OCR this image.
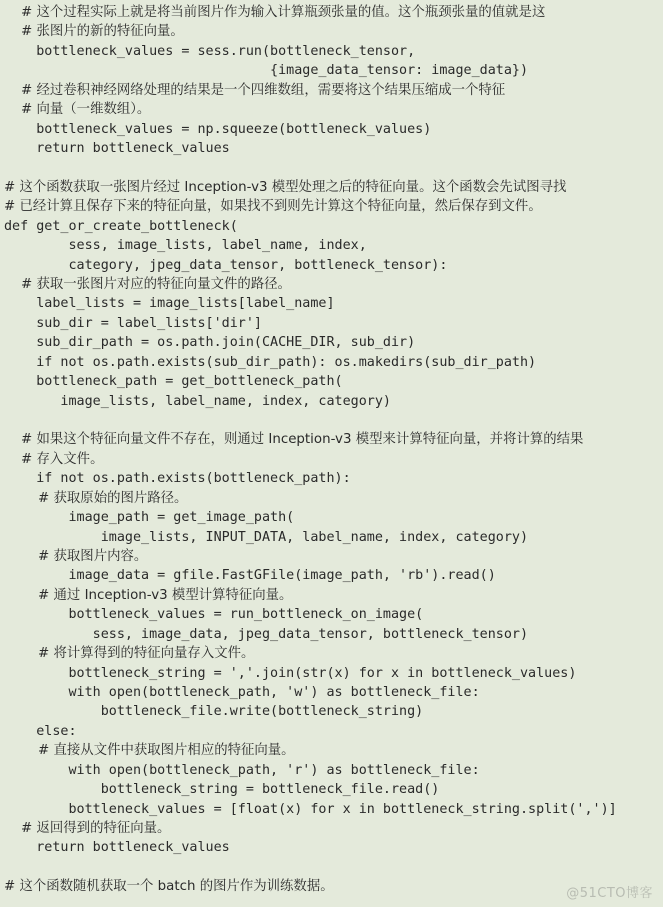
# 这个过程实际上就是将当前图片作为输入计算瓶颈张量的值。这个瓶颈张量的值就是这
# 张图片的新的特征向量。
bottleneck_values = sess.run(bottleneck_tensor,
{image_data_tensor: image_data})
# 经过卷积神经网络处理的结果是一个四维数组，需要将这个结果压缩成一个特征
# 向量（一维数组）。
bottleneck_values = np.squeeze(bottleneck_values)
return bottleneck_values
# 这个函数获取一张图片经过 Inception-v3 模型处理之后的特征向量。这个函数会先试图寻找
# 已经计算且保存下来的特征向量，如果找不到则先计算这个特征向量，然后保存到文件。
def get_or_create_bottleneck(
sess, image_lists, label_name, index,
category, jpeg_data_tensor, bottleneck_tensor):
# 获取一张图片对应的特征向量文件的路径。
label_lists = image_lists[label_name]
sub_dir = label_lists['dir']
sub_dir_path = os.path.join(CACHE_DIR, sub_dir)
if not os.path.exists(sub_dir_path): os.makedirs(sub_dir_path)
bottleneck_path = get_bottleneck_path(
image_lists, label_name, index, category)
# 如果这个特征向量文件不存在，则通过 Inception-v3 模型来计算特征向量，并将计算的结果
# 存入文件。
if not os.path.exists(bottleneck_path):
# 获取原始的图片路径。
image_path = get_image_path(
image_lists, INPUT_DATA, label_name, index, category)
# 获取图片内容。
image_data = gfile.FastGFile(image_path, 'rb').read()
# 通过 Inception-v3 模型计算特征向量。
bottleneck_values = run_bottleneck_on_image(
sess, image_data, jpeg_data_tensor, bottleneck_tensor)
# 将计算得到的特征向量存入文件。
bottleneck_string = ','.join(str(x) for x in bottleneck_values)
with open(bottleneck_path, 'w') as bottleneck_file:
bottleneck_file.write(bottleneck_string)
else:
# 直接从文件中获取图片相应的特征向量。
with open(bottleneck_path, 'r') as bottleneck_file:
bottleneck_string = bottleneck_file.read()
bottleneck_values = [float(x) for x in bottleneck_string.split(',')]
# 返回得到的特征向量。
return bottleneck_values
# 这个函数随机获取一个 batch 的图片作为训练数据。	@51CTO博客
